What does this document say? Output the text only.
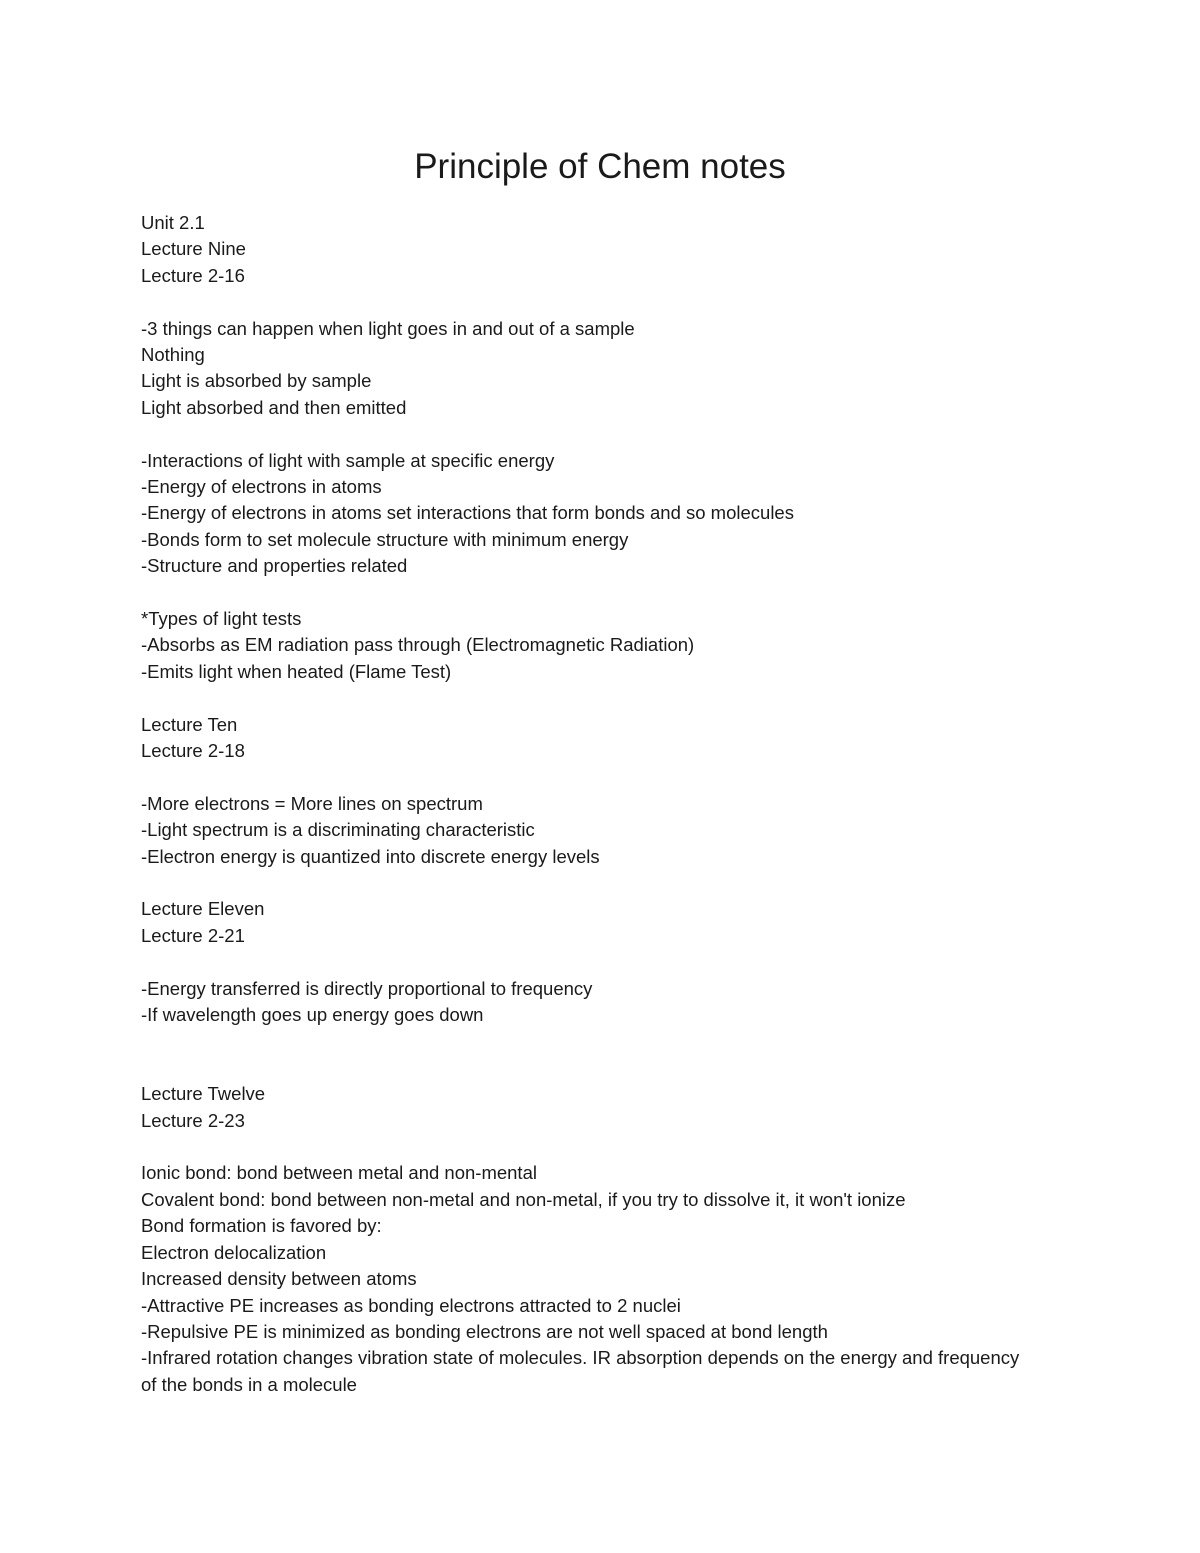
Principle of Chem notes
Unit 2.1
Lecture Nine
Lecture 2-16
-3 things can happen when light goes in and out of a sample
Nothing
Light is absorbed by sample
Light absorbed and then emitted
-Interactions of light with sample at specific energy
-Energy of electrons in atoms
-Energy of electrons in atoms set interactions that form bonds and so molecules
-Bonds form to set molecule structure with minimum energy
-Structure and properties related
*Types of light tests
-Absorbs as EM radiation pass through (Electromagnetic Radiation)
-Emits light when heated (Flame Test)
Lecture Ten
Lecture 2-18
-More electrons = More lines on spectrum
-Light spectrum is a discriminating characteristic
-Electron energy is quantized into discrete energy levels
Lecture Eleven
Lecture 2-21
-Energy transferred is directly proportional to frequency
-If wavelength goes up energy goes down
Lecture Twelve
Lecture 2-23
Ionic bond: bond between metal and non-mental
Covalent bond: bond between non-metal and non-metal, if you try to dissolve it, it won't ionize
Bond formation is favored by:
Electron delocalization
Increased density between atoms
-Attractive PE increases as bonding electrons attracted to 2 nuclei
-Repulsive PE is minimized as bonding electrons are not well spaced at bond length
-Infrared rotation changes vibration state of molecules. IR absorption depends on the energy and frequency of the bonds in a molecule
